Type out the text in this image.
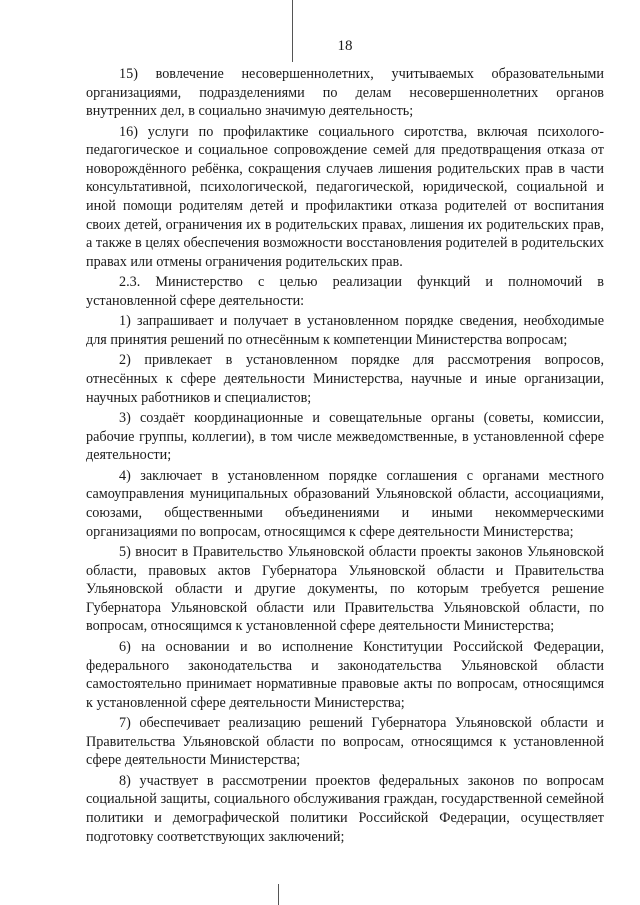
18

15) вовлечение несовершеннолетних, учитываемых образовательными организациями, подразделениями по делам несовершеннолетних органов внутренних дел, в социально значимую деятельность;

16) услуги по профилактике социального сиротства, включая психолого-педагогическое и социальное сопровождение семей для предотвращения отказа от новорождённого ребёнка, сокращения случаев лишения родительских прав в части консультативной, психологической, педагогической, юридической, социальной и иной помощи родителям детей и профилактики отказа родителей от воспитания своих детей, ограничения их в родительских правах, лишения их родительских прав, а также в целях обеспечения возможности восстановления родителей в родительских правах или отмены ограничения родительских прав.

2.3. Министерство с целью реализации функций и полномочий в установленной сфере деятельности:

1) запрашивает и получает в установленном порядке сведения, необходимые для принятия решений по отнесённым к компетенции Министерства вопросам;

2) привлекает в установленном порядке для рассмотрения вопросов, отнесённых к сфере деятельности Министерства, научные и иные организации, научных работников и специалистов;

3) создаёт координационные и совещательные органы (советы, комиссии, рабочие группы, коллегии), в том числе межведомственные, в установленной сфере деятельности;

4) заключает в установленном порядке соглашения с органами местного самоуправления муниципальных образований Ульяновской области, ассоциациями, союзами, общественными объединениями и иными некоммерческими организациями по вопросам, относящимся к сфере деятельности Министерства;

5) вносит в Правительство Ульяновской области проекты законов Ульяновской области, правовых актов Губернатора Ульяновской области и Правительства Ульяновской области и другие документы, по которым требуется решение Губернатора Ульяновской области или Правительства Ульяновской области, по вопросам, относящимся к установленной сфере деятельности Министерства;

6) на основании и во исполнение Конституции Российской Федерации, федерального законодательства и законодательства Ульяновской области самостоятельно принимает нормативные правовые акты по вопросам, относящимся к установленной сфере деятельности Министерства;

7) обеспечивает реализацию решений Губернатора Ульяновской области и Правительства Ульяновской области по вопросам, относящимся к установленной сфере деятельности Министерства;

8) участвует в рассмотрении проектов федеральных законов по вопросам социальной защиты, социального обслуживания граждан, государственной семейной политики и демографической политики Российской Федерации, осуществляет подготовку соответствующих заключений;
